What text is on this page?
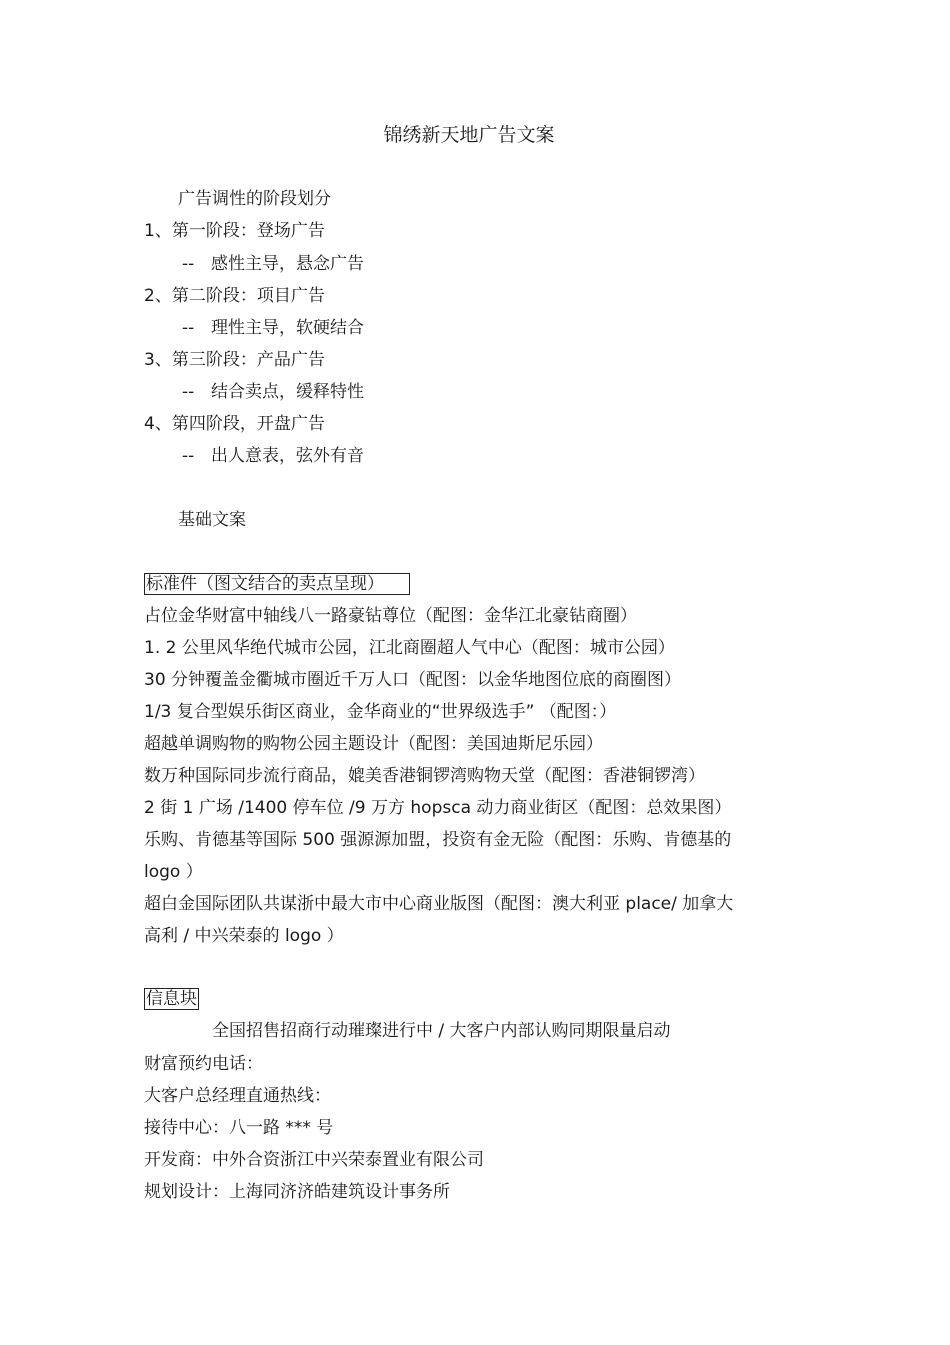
锦绣新天地广告文案
广告调性的阶段划分
1、第一阶段：登场广告
-- 感性主导，悬念广告
2、第二阶段：项目广告
-- 理性主导，软硬结合
3、第三阶段：产品广告
-- 结合卖点，缓释特性
4、第四阶段，开盘广告
-- 出人意表，弦外有音
基础文案
标准件（图文结合的卖点呈现）
占位金华财富中轴线八一路豪钻尊位（配图：金华江北豪钻商圈）
1. 2 公里风华绝代城市公园，江北商圈超人气中心（配图：城市公园）
30 分钟覆盖金衢城市圈近千万人口（配图：以金华地图位底的商圈图）
1/3 复合型娱乐街区商业，金华商业的“世界级选手” （配图：）
超越单调购物的购物公园主题设计（配图：美国迪斯尼乐园）
数万种国际同步流行商品，媲美香港铜锣湾购物天堂（配图：香港铜锣湾）
2 街 1 广场 /1400 停车位 /9 万方 hopsca 动力商业街区（配图：总效果图）
乐购、肯德基等国际 500 强源源加盟，投资有金无险（配图：乐购、肯德基的
logo ）
超白金国际团队共谋浙中最大市中心商业版图（配图：澳大利亚 place/ 加拿大
高利 / 中兴荣泰的 logo ）
信息块
全国招售招商行动璀璨进行中 / 大客户内部认购同期限量启动
财富预约电话：
大客户总经理直通热线：
接待中心：八一路 *** 号
开发商：中外合资浙江中兴荣泰置业有限公司
规划设计：上海同济济皓建筑设计事务所
